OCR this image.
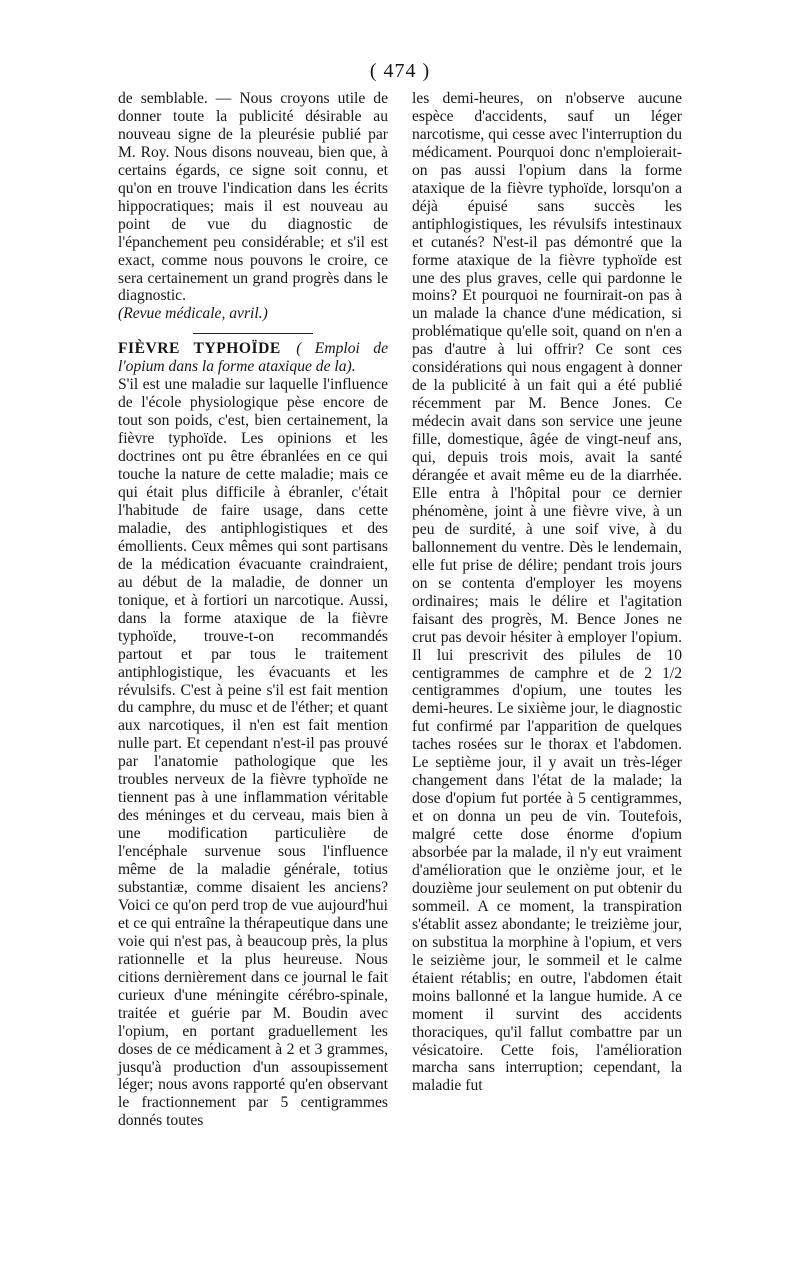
( 474 )

de semblable. — Nous croyons utile de donner toute la publicité désirable au nouveau signe de la pleurésie publié par M. Roy. Nous disons nouveau, bien que, à certains égards, ce signe soit connu, et qu'on en trouve l'indication dans les écrits hippocratiques; mais il est nouveau au point de vue du diagnostic de l'épanchement peu considérable; et s'il est exact, comme nous pouvons le croire, ce sera certainement un grand progrès dans le diagnostic.

(Revue médicale, avril.)

FIÈVRE TYPHOÏDE ( Emploi de l'opium dans la forme ataxique de la).

S'il est une maladie sur laquelle l'influence de l'école physiologique pèse encore de tout son poids, c'est, bien certainement, la fièvre typhoïde. Les opinions et les doctrines ont pu être ébranlées en ce qui touche la nature de cette maladie; mais ce qui était plus difficile à ébranler, c'était l'habitude de faire usage, dans cette maladie, des antiphlogistiques et des émollients. Ceux mêmes qui sont partisans de la médication évacuante craindraient, au début de la maladie, de donner un tonique, et à fortiori un narcotique. Aussi, dans la forme ataxique de la fièvre typhoïde, trouve-t-on recommandés partout et par tous le traitement antiphlogistique, les évacuants et les révulsifs. C'est à peine s'il est fait mention du camphre, du musc et de l'éther; et quant aux narcotiques, il n'en est fait mention nulle part. Et cependant n'est-il pas prouvé par l'anatomie pathologique que les troubles nerveux de la fièvre typhoïde ne tiennent pas à une inflammation véritable des méninges et du cerveau, mais bien à une modification particulière de l'encéphale survenue sous l'influence même de la maladie générale, totius substantiæ, comme disaient les anciens? Voici ce qu'on perd trop de vue aujourd'hui et ce qui entraîne la thérapeutique dans une voie qui n'est pas, à beaucoup près, la plus rationnelle et la plus heureuse. Nous citions dernièrement dans ce journal le fait curieux d'une méningite cérébro-spinale, traitée et guérie par M. Boudin avec l'opium, en portant graduellement les doses de ce médicament à 2 et 3 grammes, jusqu'à production d'un assoupissement léger; nous avons rapporté qu'en observant le fractionnement par 5 centigrammes donnés toutes

les demi-heures, on n'observe aucune espèce d'accidents, sauf un léger narcotisme, qui cesse avec l'interruption du médicament. Pourquoi donc n'emploierait-on pas aussi l'opium dans la forme ataxique de la fièvre typhoïde, lorsqu'on a déjà épuisé sans succès les antiphlogistiques, les révulsifs intestinaux et cutanés? N'est-il pas démontré que la forme ataxique de la fièvre typhoïde est une des plus graves, celle qui pardonne le moins? Et pourquoi ne fournirait-on pas à un malade la chance d'une médication, si problématique qu'elle soit, quand on n'en a pas d'autre à lui offrir? Ce sont ces considérations qui nous engagent à donner de la publicité à un fait qui a été publié récemment par M. Bence Jones. Ce médecin avait dans son service une jeune fille, domestique, âgée de vingt-neuf ans, qui, depuis trois mois, avait la santé dérangée et avait même eu de la diarrhée. Elle entra à l'hôpital pour ce dernier phénomène, joint à une fièvre vive, à un peu de surdité, à une soif vive, à du ballonnement du ventre. Dès le lendemain, elle fut prise de délire; pendant trois jours on se contenta d'employer les moyens ordinaires; mais le délire et l'agitation faisant des progrès, M. Bence Jones ne crut pas devoir hésiter à employer l'opium. Il lui prescrivit des pilules de 10 centigrammes de camphre et de 2 1/2 centigrammes d'opium, une toutes les demi-heures. Le sixième jour, le diagnostic fut confirmé par l'apparition de quelques taches rosées sur le thorax et l'abdomen. Le septième jour, il y avait un très-léger changement dans l'état de la malade; la dose d'opium fut portée à 5 centigrammes, et on donna un peu de vin. Toutefois, malgré cette dose énorme d'opium absorbée par la malade, il n'y eut vraiment d'amélioration que le onzième jour, et le douzième jour seulement on put obtenir du sommeil. A ce moment, la transpiration s'établit assez abondante; le treizième jour, on substitua la morphine à l'opium, et vers le seizième jour, le sommeil et le calme étaient rétablis; en outre, l'abdomen était moins ballonné et la langue humide. A ce moment il survint des accidents thoraciques, qu'il fallut combattre par un vésicatoire. Cette fois, l'amélioration marcha sans interruption; cependant, la maladie fut
